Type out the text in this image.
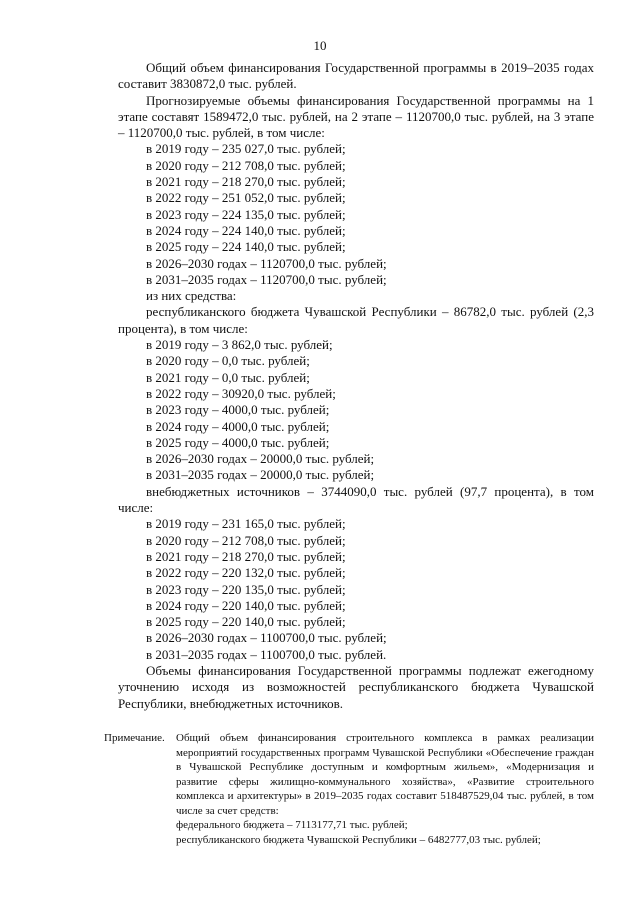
10

Общий объем финансирования Государственной программы в 2019–2035 годах составит 3830872,0 тыс. рублей.

Прогнозируемые объемы финансирования Государственной программы на 1 этапе составят 1589472,0 тыс. рублей, на 2 этапе – 1120700,0 тыс. рублей, на 3 этапе – 1120700,0 тыс. рублей, в том числе:

в 2019 году – 235 027,0 тыс. рублей;

в 2020 году – 212 708,0 тыс. рублей;

в 2021 году – 218 270,0 тыс. рублей;

в 2022 году – 251 052,0 тыс. рублей;

в 2023 году – 224 135,0 тыс. рублей;

в 2024 году – 224 140,0 тыс. рублей;

в 2025 году – 224 140,0 тыс. рублей;

в 2026–2030 годах – 1120700,0 тыс. рублей;

в 2031–2035 годах – 1120700,0 тыс. рублей;

из них средства:

республиканского бюджета Чувашской Республики – 86782,0 тыс. рублей (2,3 процента), в том числе:

в 2019 году – 3 862,0 тыс. рублей;

в 2020 году – 0,0 тыс. рублей;

в 2021 году – 0,0 тыс. рублей;

в 2022 году – 30920,0 тыс. рублей;

в 2023 году – 4000,0 тыс. рублей;

в 2024 году – 4000,0 тыс. рублей;

в 2025 году – 4000,0 тыс. рублей;

в 2026–2030 годах – 20000,0 тыс. рублей;

в 2031–2035 годах – 20000,0 тыс. рублей;

внебюджетных источников – 3744090,0 тыс. рублей (97,7 процента), в том числе:

в 2019 году – 231 165,0 тыс. рублей;

в 2020 году – 212 708,0 тыс. рублей;

в 2021 году – 218 270,0 тыс. рублей;

в 2022 году – 220 132,0 тыс. рублей;

в 2023 году – 220 135,0 тыс. рублей;

в 2024 году – 220 140,0 тыс. рублей;

в 2025 году – 220 140,0 тыс. рублей;

в 2026–2030 годах – 1100700,0 тыс. рублей;

в 2031–2035 годах – 1100700,0 тыс. рублей.

Объемы финансирования Государственной программы подлежат ежегодному уточнению исходя из возможностей республиканского бюджета Чувашской Республики, внебюджетных источников.

Примечание. Общий объем финансирования строительного комплекса в рамках реализации мероприятий государственных программ Чувашской Республики «Обеспечение граждан в Чувашской Республике доступным и комфортным жильем», «Модернизация и развитие сферы жилищно-коммунального хозяйства», «Развитие строительного комплекса и архитектуры» в 2019–2035 годах составит 518487529,04 тыс. рублей, в том числе за счет средств:

федерального бюджета – 7113177,71 тыс. рублей;

республиканского бюджета Чувашской Республики – 6482777,03 тыс. рублей;
